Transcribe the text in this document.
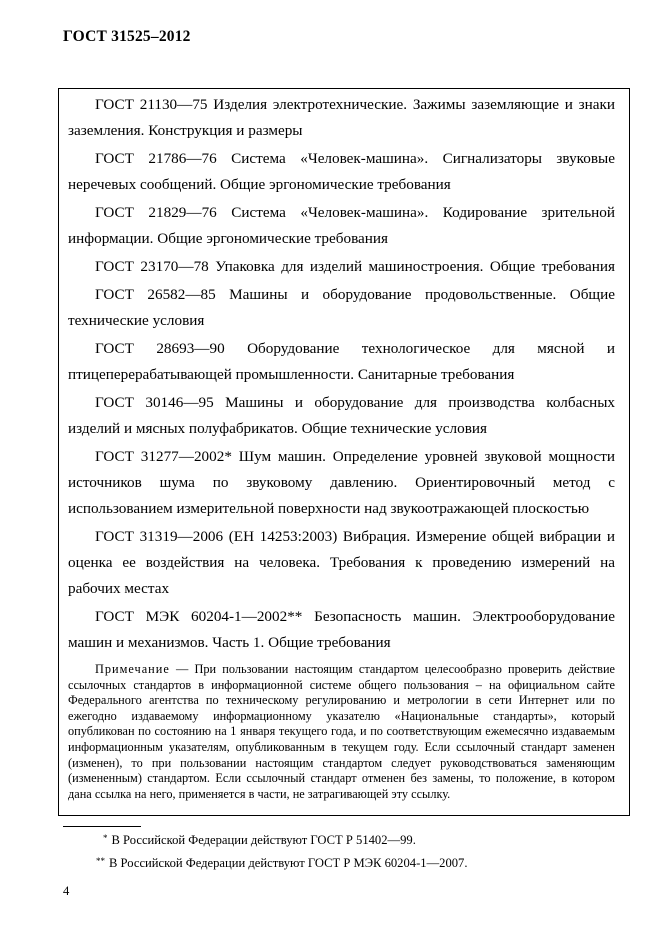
ГОСТ 31525–2012

ГОСТ 21130—75 Изделия электротехнические. Зажимы заземляющие и знаки заземления. Конструкция и размеры

ГОСТ 21786—76 Система «Человек-машина». Сигнализаторы звуковые неречевых сообщений. Общие эргономические требования

ГОСТ 21829—76 Система «Человек-машина». Кодирование зрительной информации. Общие эргономические требования

ГОСТ 23170—78 Упаковка для изделий машиностроения. Общие требования

ГОСТ 26582—85 Машины и оборудование продовольственные. Общие технические условия

ГОСТ 28693—90 Оборудование технологическое для мясной и птицеперерабатывающей промышленности. Санитарные требования

ГОСТ 30146—95 Машины и оборудование для производства колбасных изделий и мясных полуфабрикатов. Общие технические условия

ГОСТ 31277—2002* Шум машин. Определение уровней звуковой мощности источников шума по звуковому давлению. Ориентировочный метод с использованием измерительной поверхности над звукоотражающей плоскостью

ГОСТ 31319—2006 (ЕН 14253:2003) Вибрация. Измерение общей вибрации и оценка ее воздействия на человека. Требования к проведению измерений на рабочих местах

ГОСТ МЭК 60204-1—2002** Безопасность машин. Электрооборудование машин и механизмов. Часть 1. Общие требования

Примечание — При пользовании настоящим стандартом целесообразно проверить действие ссылочных стандартов в информационной системе общего пользования – на официальном сайте Федерального агентства по техническому регулированию и метрологии в сети Интернет или по ежегодно издаваемому информационному указателю «Национальные стандарты», который опубликован по состоянию на 1 января текущего года, и по соответствующим ежемесячно издаваемым информационным указателям, опубликованным в текущем году. Если ссылочный стандарт заменен (изменен), то при пользовании настоящим стандартом следует руководствоваться заменяющим (измененным) стандартом. Если ссылочный стандарт отменен без замены, то положение, в котором дана ссылка на него, применяется в части, не затрагивающей эту ссылку.
* В Российской Федерации действуют ГОСТ Р 51402—99.
** В Российской Федерации действуют ГОСТ Р МЭК 60204-1—2007.
4
